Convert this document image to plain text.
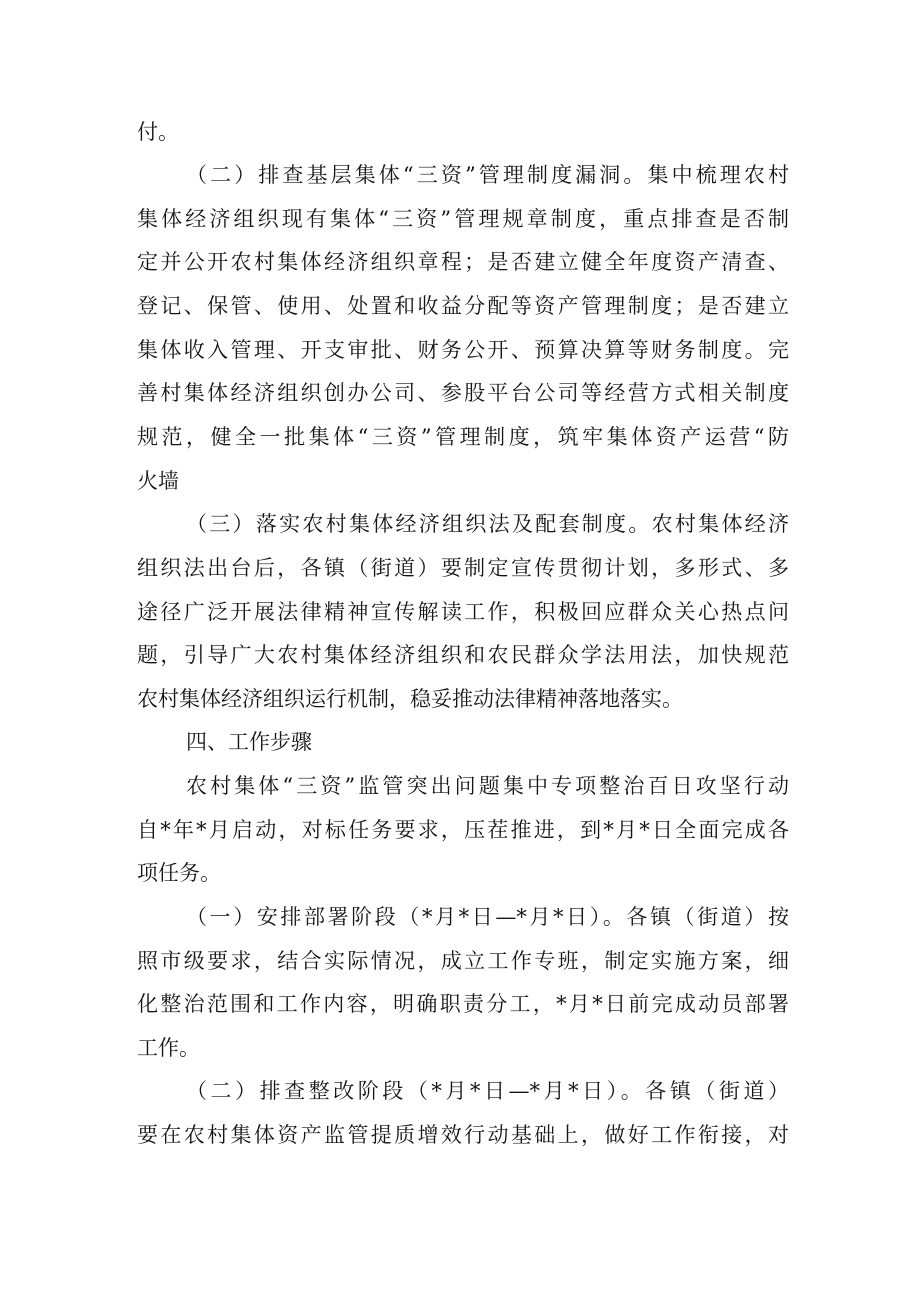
付。

（二）排查基层集体“三资”管理制度漏洞。集中梳理农村

集体经济组织现有集体“三资”管理规章制度，重点排查是否制

定并公开农村集体经济组织章程；是否建立健全年度资产清查、

登记、保管、使用、处置和收益分配等资产管理制度；是否建立

集体收入管理、开支审批、财务公开、预算决算等财务制度。完

善村集体经济组织创办公司、参股平台公司等经营方式相关制度

规范，健全一批集体“三资”管理制度，筑牢集体资产运营“防

火墙

（三）落实农村集体经济组织法及配套制度。农村集体经济

组织法出台后，各镇（街道）要制定宣传贯彻计划，多形式、多

途径广泛开展法律精神宣传解读工作，积极回应群众关心热点问

题，引导广大农村集体经济组织和农民群众学法用法，加快规范

农村集体经济组织运行机制，稳妥推动法律精神落地落实。

四、工作步骤

农村集体“三资”监管突出问题集中专项整治百日攻坚行动

自*年*月启动，对标任务要求，压茬推进，到*月*日全面完成各

项任务。

（一）安排部署阶段（*月*日—*月*日）。各镇（街道）按

照市级要求，结合实际情况，成立工作专班，制定实施方案，细

化整治范围和工作内容，明确职责分工，*月*日前完成动员部署

工作。

（二）排查整改阶段（*月*日—*月*日）。各镇（街道）

要在农村集体资产监管提质增效行动基础上，做好工作衔接，对
